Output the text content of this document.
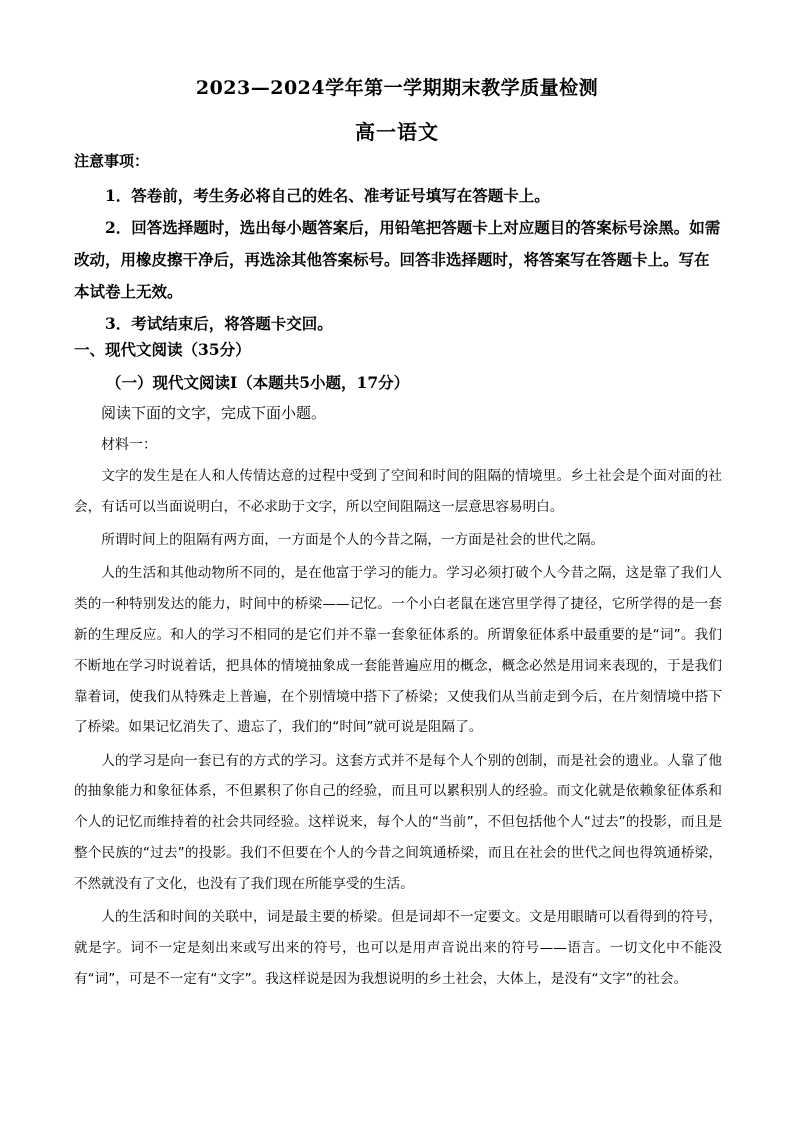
2023—2024学年第一学期期末教学质量检测
高一语文
注意事项：

1．答卷前，考生务必将自己的姓名、准考证号填写在答题卡上。

2．回答选择题时，选出每小题答案后，用铅笔把答题卡上对应题目的答案标号涂黑。如需改动，用橡皮擦干净后，再选涂其他答案标号。回答非选择题时，将答案写在答题卡上。写在本试卷上无效。

3．考试结束后，将答题卡交回。

一、现代文阅读（35分）
（一）现代文阅读Ⅰ（本题共5小题，17分）
阅读下面的文字，完成下面小题。
材料一：

文字的发生是在人和人传情达意的过程中受到了空间和时间的阻隔的情境里。乡土社会是个面对面的社会，有话可以当面说明白，不必求助于文字，所以空间阻隔这一层意思容易明白。

所谓时间上的阻隔有两方面，一方面是个人的今昔之隔，一方面是社会的世代之隔。

人的生活和其他动物所不同的，是在他富于学习的能力。学习必须打破个人今昔之隔，这是靠了我们人类的一种特别发达的能力，时间中的桥梁——记忆。一个小白老鼠在迷宫里学得了捷径，它所学得的是一套新的生理反应。和人的学习不相同的是它们并不靠一套象征体系的。所谓象征体系中最重要的是“词”。我们不断地在学习时说着话，把具体的情境抽象成一套能普遍应用的概念，概念必然是用词来表现的，于是我们靠着词，使我们从特殊走上普遍，在个别情境中搭下了桥梁；又使我们从当前走到今后，在片刻情境中搭下了桥梁。如果记忆消失了、遗忘了，我们的“时间”就可说是阻隔了。

人的学习是向一套已有的方式的学习。这套方式并不是每个人个别的创制，而是社会的遗业。人靠了他的抽象能力和象征体系，不但累积了你自己的经验，而且可以累积别人的经验。而文化就是依赖象征体系和个人的记忆而维持着的社会共同经验。这样说来，每个人的“当前”，不但包括他个人“过去”的投影，而且是整个民族的“过去”的投影。我们不但要在个人的今昔之间筑通桥梁，而且在社会的世代之间也得筑通桥梁，不然就没有了文化，也没有了我们现在所能享受的生活。

人的生活和时间的关联中，词是最主要的桥梁。但是词却不一定要文。文是用眼睛可以看得到的符号，就是字。词不一定是刻出来或写出来的符号，也可以是用声音说出来的符号——语言。一切文化中不能没有“词”，可是不一定有“文字”。我这样说是因为我想说明的乡土社会，大体上，是没有“文字”的社会。
